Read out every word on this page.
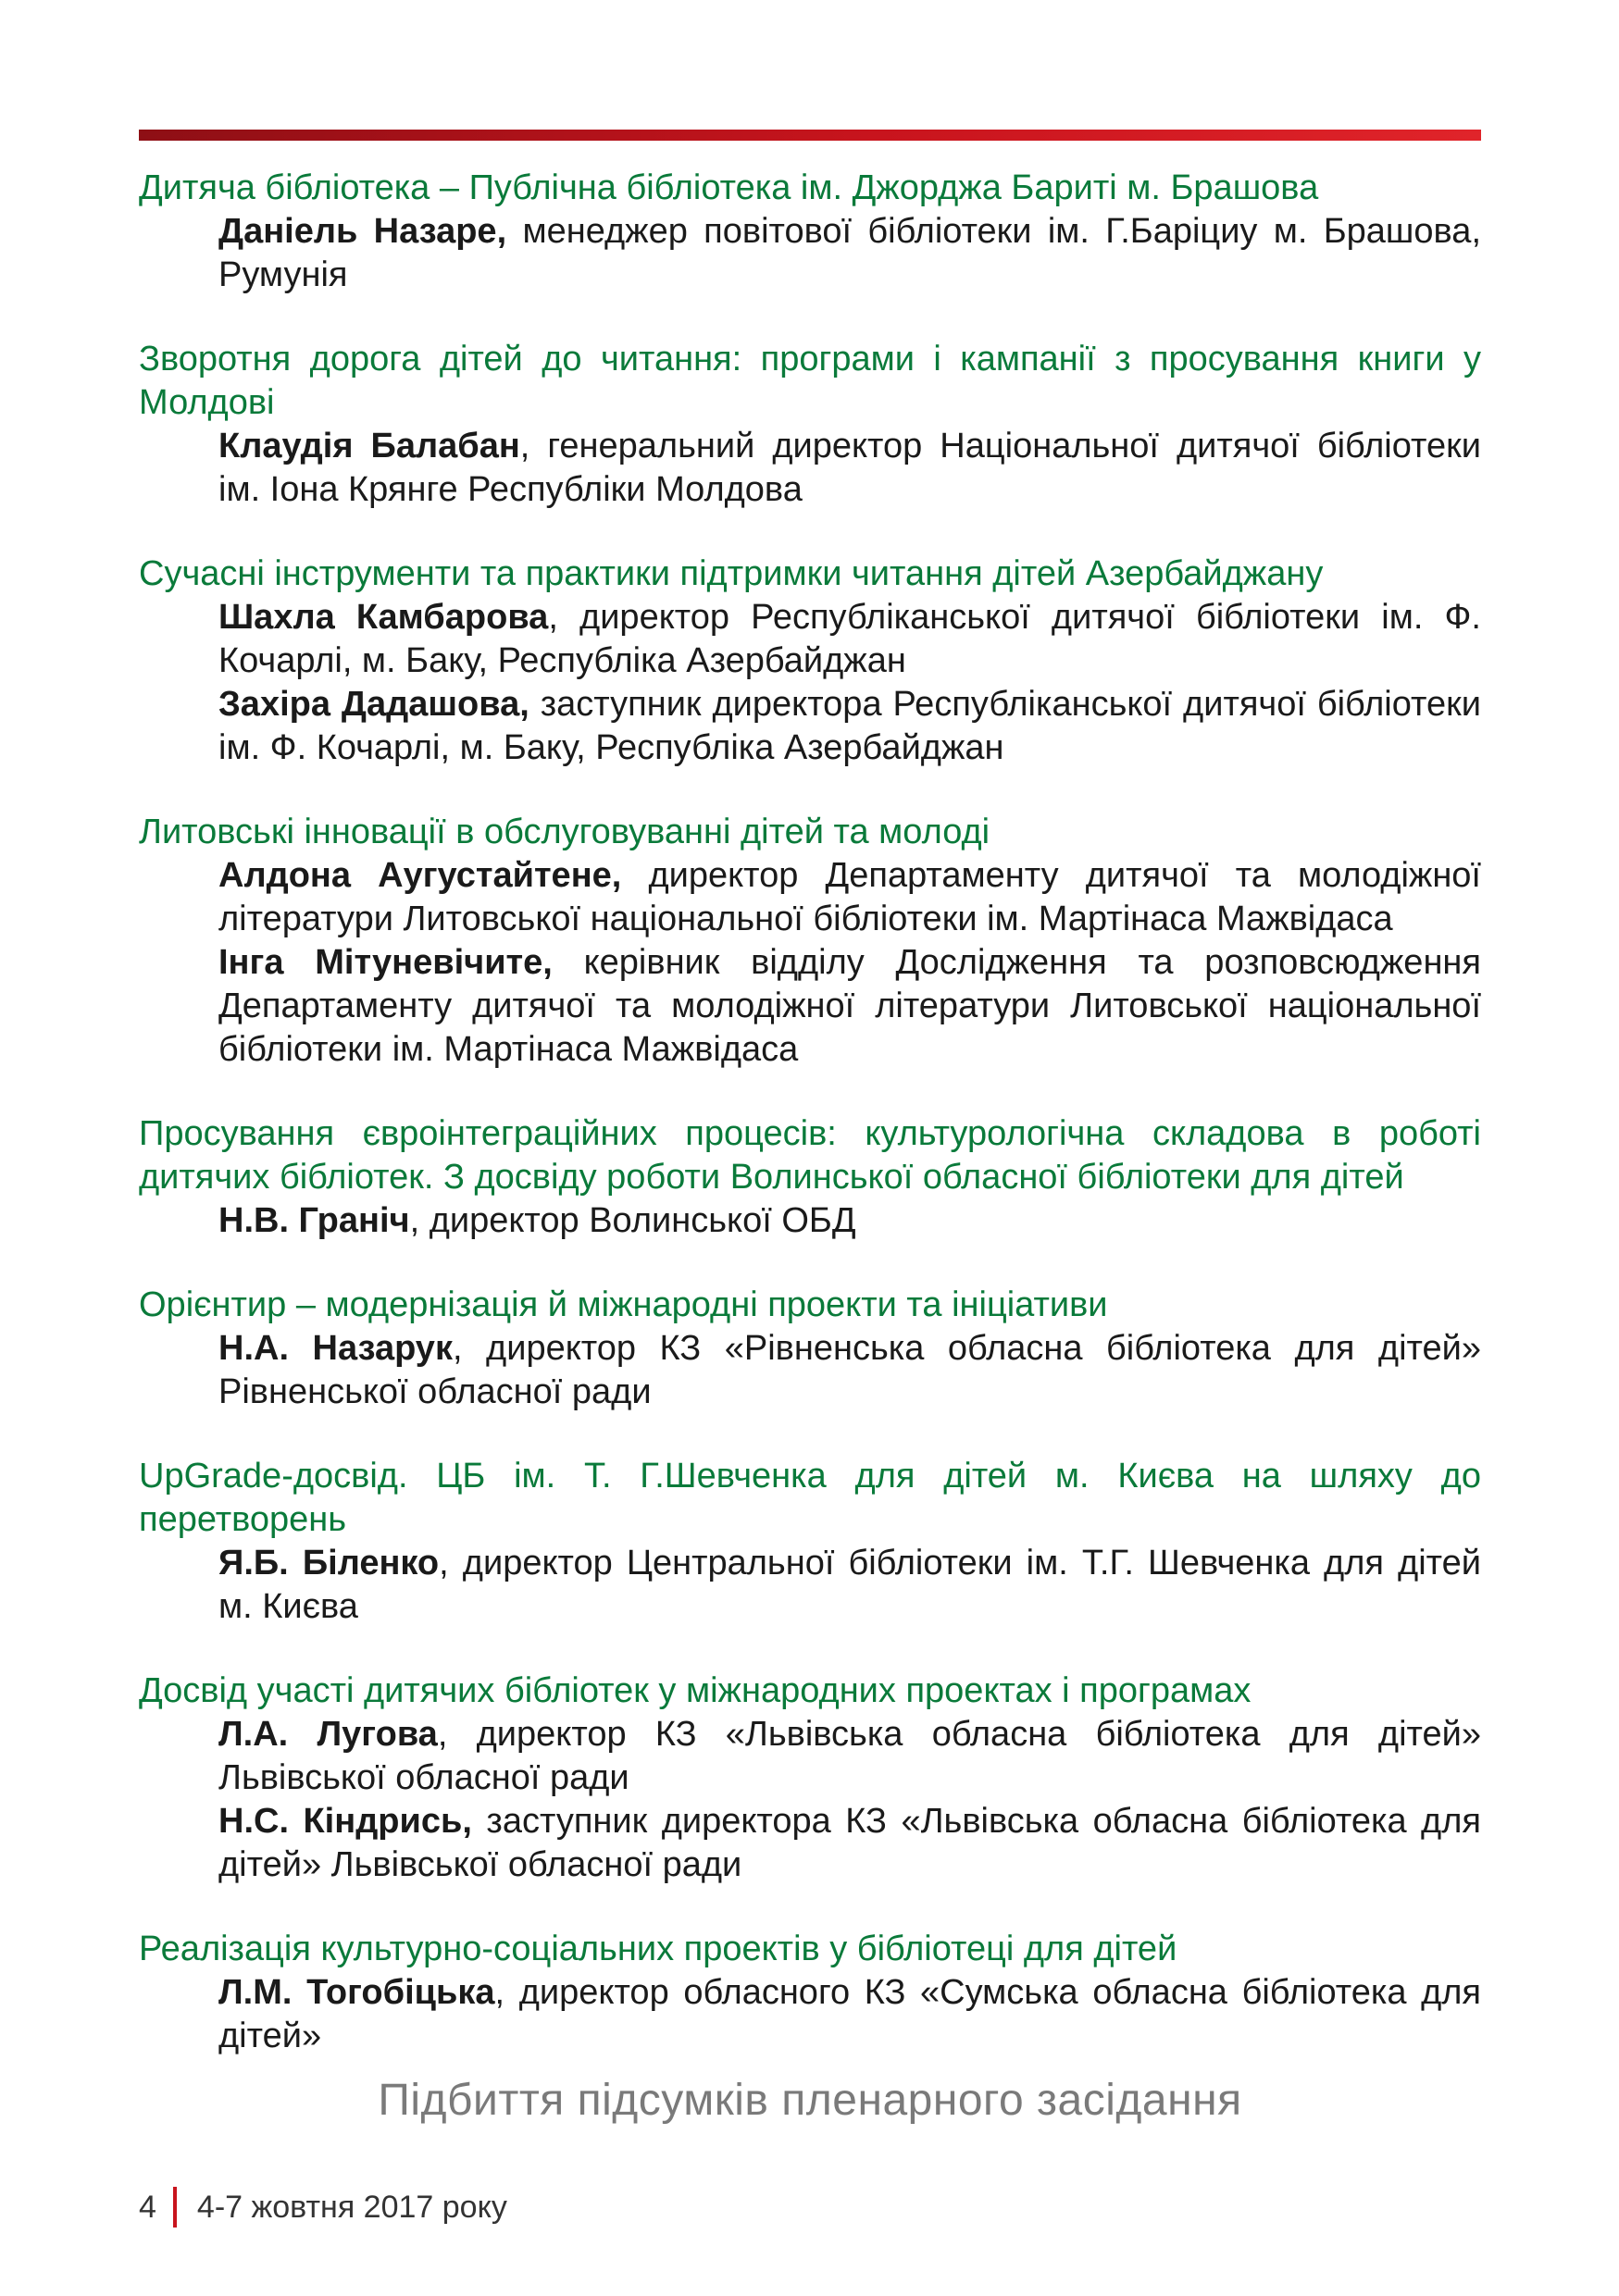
Дитяча бібліотека – Публічна бібліотека ім. Джорджа Бариті м. Брашова

Даніель Назаре, менеджер повітової бібліотеки ім. Г.Баріциу м. Брашова, Румунія

Зворотня дорога дітей до читання: програми і кампанії з просування книги у Молдові

Клаудія Балабан, генеральний директор Національної дитячої бібліотеки ім. Іона Крянге Республіки Молдова

Сучасні інструменти та практики підтримки читання дітей Азербайджану

Шахла Камбарова, директор Республіканської дитячої бібліотеки ім. Ф. Кочарлі, м. Баку, Республіка Азербайджан

Захіра Дадашова, заступник директора Республіканської дитячої бібліотеки ім. Ф. Кочарлі, м. Баку, Республіка Азербайджан

Литовські інновації в обслуговуванні дітей та молоді

Алдона Аугустайтене, директор Департаменту дитячої та молодіжної літератури Литовської національної бібліотеки ім. Мартінаса Мажвідаса

Інга Мітуневічите, керівник відділу Дослідження та розповсюдження Департаменту дитячої та молодіжної літератури Литовської національної бібліотеки ім. Мартінаса Мажвідаса

Просування євроінтеграційних процесів: культурологічна складова в роботі дитячих бібліотек. З досвіду роботи Волинської обласної бібліотеки для дітей

Н.В. Граніч, директор Волинської ОБД

Орієнтир – модернізація й міжнародні проекти та ініціативи

Н.А. Назарук, директор КЗ «Рівненська обласна бібліотека для дітей» Рівненської обласної ради

UpGrade-досвід. ЦБ ім. Т. Г.Шевченка для дітей м. Києва на шляху до перетворень

Я.Б. Біленко, директор Центральної бібліотеки ім. Т.Г. Шевченка для дітей м. Києва

Досвід участі дитячих бібліотек у міжнародних проектах і програмах

Л.А. Лугова, директор КЗ «Львівська обласна бібліотека для дітей» Львівської обласної ради

Н.С. Кіндрись, заступник директора КЗ «Львівська обласна бібліотека для дітей» Львівської обласної ради

Реалізація культурно-соціальних проектів у бібліотеці для дітей

Л.М. Тогобіцька, директор обласного КЗ «Сумська обласна бібліотека для дітей»

Підбиття підсумків пленарного засідання
4 4-7 жовтня 2017 року
